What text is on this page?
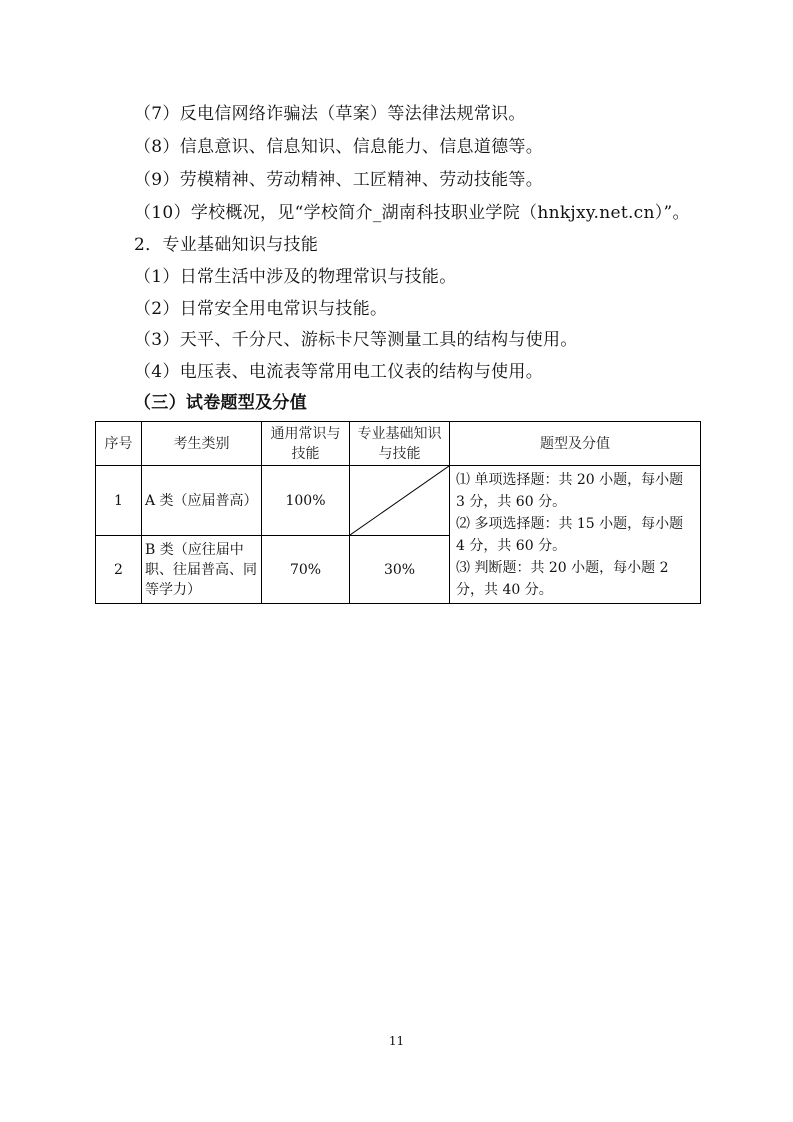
（7）反电信网络诈骗法（草案）等法律法规常识。
（8）信息意识、信息知识、信息能力、信息道德等。
（9）劳模精神、劳动精神、工匠精神、劳动技能等。
（10）学校概况，见“学校简介_湖南科技职业学院（hnkjxy.net.cn）”。
2．专业基础知识与技能
（1）日常生活中涉及的物理常识与技能。
（2）日常安全用电常识与技能。
（3）天平、千分尺、游标卡尺等测量工具的结构与使用。
（4）电压表、电流表等常用电工仪表的结构与使用。
（三）试卷题型及分值
序号	考生类别	通用常识与技能	专业基础知识与技能	题型及分值
1	A 类（应届普高）	100%		⑴ 单项选择题：共 20 小题，每小题 3 分，共 60 分。
⑵ 多项选择题：共 15 小题，每小题 4 分，共 60 分。
⑶ 判断题：共 20 小题，每小题 2 分，共 40 分。

2	B 类（应往届中职、往届普高、同等学力）	70%	30%	
11
